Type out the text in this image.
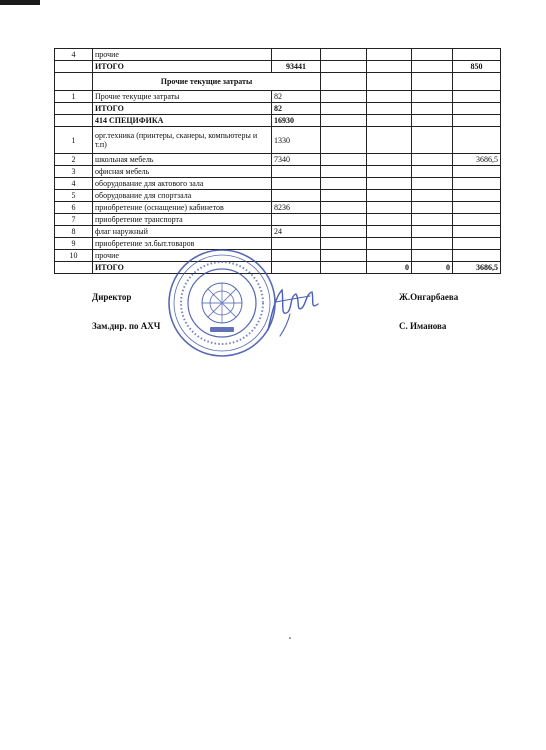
4	прочие					
	ИТОГО	93441				850
	Прочие текущие затраты					
1	Прочие текущие затраты	82				
	ИТОГО	82				
	414 СПЕЦИФИКА	16930				
1	орг.техника (принтеры, сканеры, компьютеры и т.п)	1330				
2	школьная мебель	7340				3686,5
3	офисная мебель					
4	оборудование для актового зала					
5	оборудование для спортзала					
6	приобретение (оснащение) кабинетов	8236				
7	приобретение транспорта					
8	флаг наружный	24				
9	приобретение эл.быт.товаров					
10	прочие					
	ИТОГО			0	0	3686,5
Директор	Ж.Онгарбаева
Зам.дир. по АХЧ	С. Иманова
